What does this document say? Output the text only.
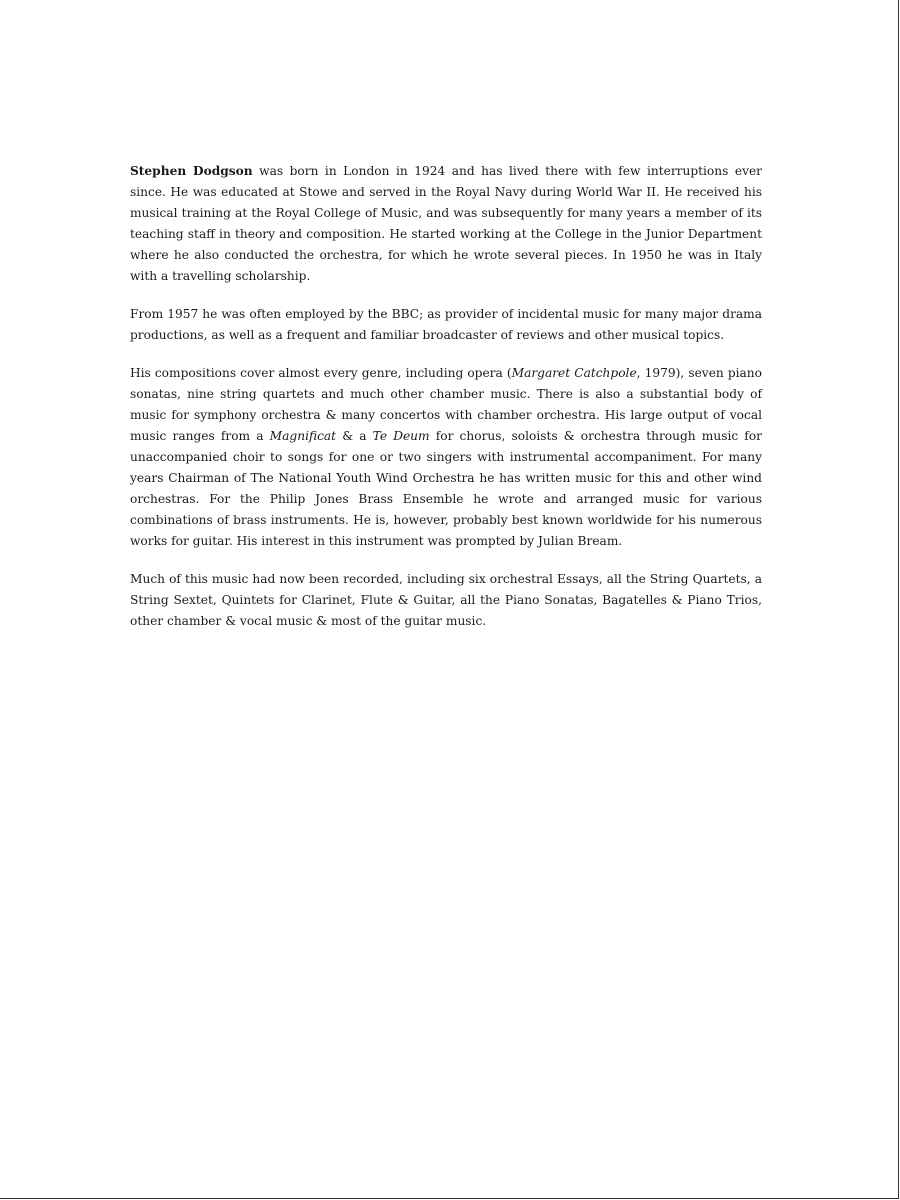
Stephen Dodgson was born in London in 1924 and has lived there with few interruptions ever since. He was educated at Stowe and served in the Royal Navy during World War II. He received his musical training at the Royal College of Music, and was subsequently for many years a member of its teaching staff in theory and composition. He started working at the College in the Junior Department where he also conducted the orchestra, for which he wrote several pieces. In 1950 he was in Italy with a travelling scholarship.

From 1957 he was often employed by the BBC; as provider of incidental music for many major drama productions, as well as a frequent and familiar broadcaster of reviews and other musical topics.

His compositions cover almost every genre, including opera (Margaret Catchpole, 1979), seven piano sonatas, nine string quartets and much other chamber music. There is also a substantial body of music for symphony orchestra & many concertos with chamber orchestra. His large output of vocal music ranges from a Magnificat & a Te Deum for chorus, soloists & orchestra through music for unaccompanied choir to songs for one or two singers with instrumental accompaniment. For many years Chairman of The National Youth Wind Orchestra he has written music for this and other wind orchestras. For the Philip Jones Brass Ensemble he wrote and arranged music for various combinations of brass instruments. He is, however, probably best known worldwide for his numerous works for guitar. His interest in this instrument was prompted by Julian Bream.

Much of this music had now been recorded, including six orchestral Essays, all the String Quartets, a String Sextet, Quintets for Clarinet, Flute & Guitar, all the Piano Sonatas, Bagatelles & Piano Trios, other chamber & vocal music & most of the guitar music.
